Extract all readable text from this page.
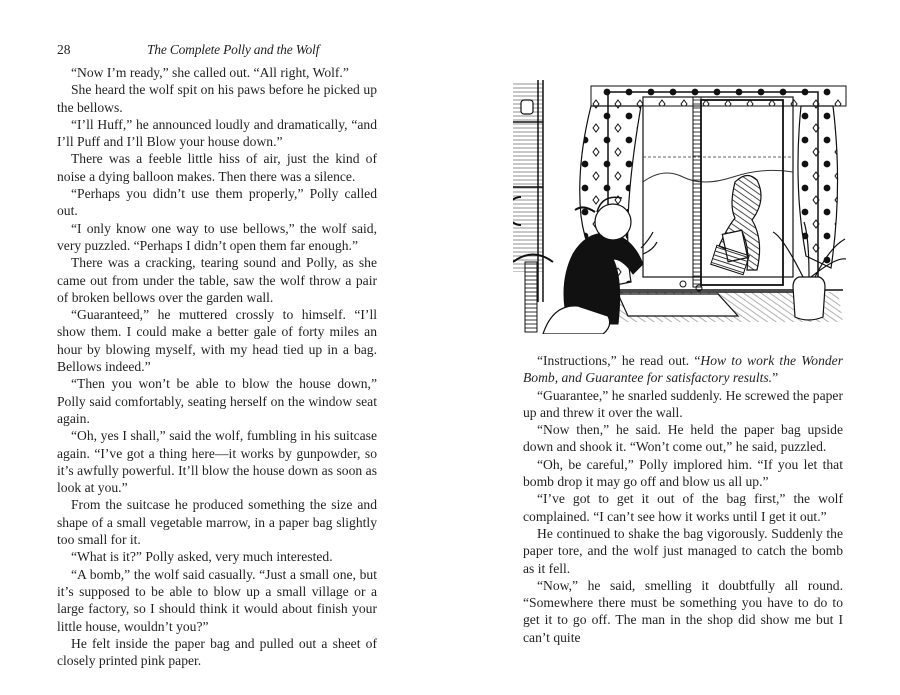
28	The Complete Polly and the Wolf

“Now I’m ready,” she called out. “All right, Wolf.”

She heard the wolf spit on his paws before he picked up the bellows.

“I’ll Huff,” he announced loudly and dramatically, “and I’ll Puff and I’ll Blow your house down.”

There was a feeble little hiss of air, just the kind of noise a dying balloon makes. Then there was a silence.

“Perhaps you didn’t use them properly,” Polly called out.

“I only know one way to use bellows,” the wolf said, very puzzled. “Perhaps I didn’t open them far enough.”

There was a cracking, tearing sound and Polly, as she came out from under the table, saw the wolf throw a pair of broken bellows over the garden wall.

“Guaranteed,” he muttered crossly to himself. “I’ll show them. I could make a better gale of forty miles an hour by blowing myself, with my head tied up in a bag. Bellows indeed.”

“Then you won’t be able to blow the house down,” Polly said comfortably, seating herself on the window seat again.

“Oh, yes I shall,” said the wolf, fumbling in his suitcase again. “I’ve got a thing here—it works by gunpowder, so it’s awfully powerful. It’ll blow the house down as soon as look at you.”

From the suitcase he produced something the size and shape of a small vegetable marrow, in a paper bag slightly too small for it.

“What is it?” Polly asked, very much interested.

“A bomb,” the wolf said casually. “Just a small one, but it’s supposed to be able to blow up a small village or a large factory, so I should think it would about finish your little house, wouldn’t you?”

He felt inside the paper bag and pulled out a sheet of closely printed pink paper.

“Instructions,” he read out. “How to work the Wonder Bomb, and Guarantee for satisfactory results.”

“Guarantee,” he snarled suddenly. He screwed the paper up and threw it over the wall.

“Now then,” he said. He held the paper bag upside down and shook it. “Won’t come out,” he said, puzzled.

“Oh, be careful,” Polly implored him. “If you let that bomb drop it may go off and blow us all up.”

“I’ve got to get it out of the bag first,” the wolf complained. “I can’t see how it works until I get it out.”

He continued to shake the bag vigorously. Suddenly the paper tore, and the wolf just managed to catch the bomb as it fell.

“Now,” he said, smelling it doubtfully all round. “Somewhere there must be something you have to do to get it to go off. The man in the shop did show me but I can’t quite
